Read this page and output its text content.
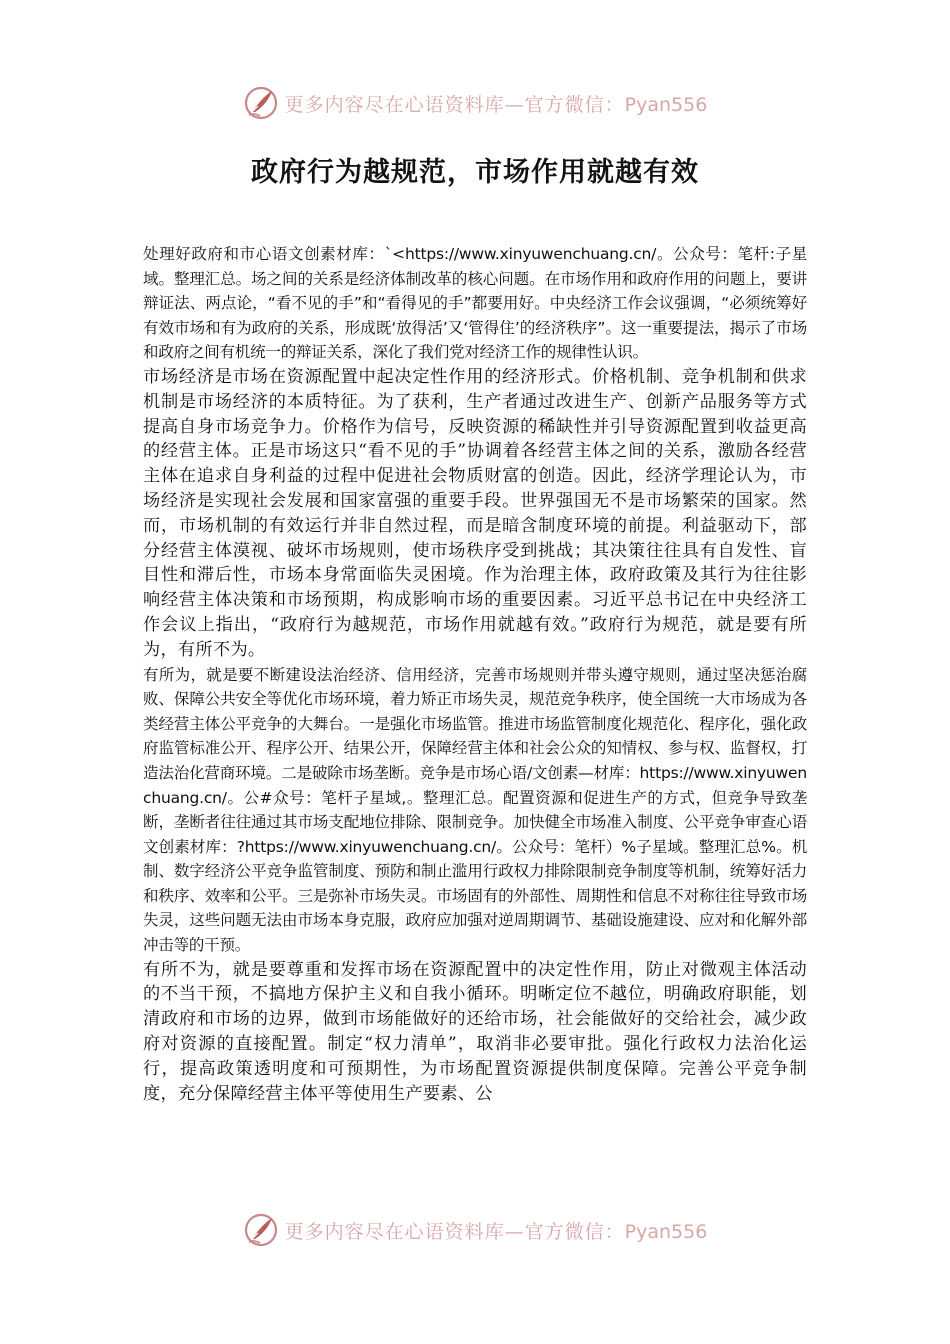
更多内容尽在心语资料库—官方微信：Pyan556
政府行为越规范，市场作用就越有效

处理好政府和市心语文创素材库：`<https://www.xinyuwenchuang.cn/。公众号：笔杆:子星域。整理汇总。场之间的关系是经济体制改革的核心问题。在市场作用和政府作用的问题上，要讲辩证法、两点论，“看不见的手”和“看得见的手”都要用好。中央经济工作会议强调，“必须统筹好有效市场和有为政府的关系，形成既‘放得活’又‘管得住’的经济秩序”。这一重要提法，揭示了市场和政府之间有机统一的辩证关系，深化了我们党对经济工作的规律性认识。

市场经济是市场在资源配置中起决定性作用的经济形式。价格机制、竞争机制和供求机制是市场经济的本质特征。为了获利，生产者通过改进生产、创新产品服务等方式提高自身市场竞争力。价格作为信号，反映资源的稀缺性并引导资源配置到收益更高的经营主体。正是市场这只“看不见的手”协调着各经营主体之间的关系，激励各经营主体在追求自身利益的过程中促进社会物质财富的创造。因此，经济学理论认为，市场经济是实现社会发展和国家富强的重要手段。世界强国无不是市场繁荣的国家。然而，市场机制的有效运行并非自然过程，而是暗含制度环境的前提。利益驱动下，部分经营主体漠视、破坏市场规则，使市场秩序受到挑战；其决策往往具有自发性、盲目性和滞后性，市场本身常面临失灵困境。作为治理主体，政府政策及其行为往往影响经营主体决策和市场预期，构成影响市场的重要因素。习近平总书记在中央经济工作会议上指出，“政府行为越规范，市场作用就越有效。”政府行为规范，就是要有所为，有所不为。

有所为，就是要不断建设法治经济、信用经济，完善市场规则并带头遵守规则，通过坚决惩治腐败、保障公共安全等优化市场环境，着力矫正市场失灵，规范竞争秩序，使全国统一大市场成为各类经营主体公平竞争的大舞台。一是强化市场监管。推进市场监管制度化规范化、程序化，强化政府监管标准公开、程序公开、结果公开，保障经营主体和社会公众的知情权、参与权、监督权，打造法治化营商环境。二是破除市场垄断。竞争是市场心语/文创素—材库：https://www.xinyuwenchuang.cn/。公#众号：笔杆子星域,。整理汇总。配置资源和促进生产的方式，但竞争导致垄断，垄断者往往通过其市场支配地位排除、限制竞争。加快健全市场准入制度、公平竞争审查心语文创素材库：?https://www.xinyuwenchuang.cn/。公众号：笔杆）%子星域。整理汇总%。机制、数字经济公平竞争监管制度、预防和制止滥用行政权力排除限制竞争制度等机制，统筹好活力和秩序、效率和公平。三是弥补市场失灵。市场固有的外部性、周期性和信息不对称往往导致市场失灵，这些问题无法由市场本身克服，政府应加强对逆周期调节、基础设施建设、应对和化解外部冲击等的干预。

有所不为，就是要尊重和发挥市场在资源配置中的决定性作用，防止对微观主体活动的不当干预，不搞地方保护主义和自我小循环。明晰定位不越位，明确政府职能，划清政府和市场的边界，做到市场能做好的还给市场，社会能做好的交给社会，减少政府对资源的直接配置。制定“权力清单”，取消非必要审批。强化行政权力法治化运行，提高政策透明度和可预期性，为市场配置资源提供制度保障。完善公平竞争制度，充分保障经营主体平等使用生产要素、公

更多内容尽在心语资料库—官方微信：Pyan556
